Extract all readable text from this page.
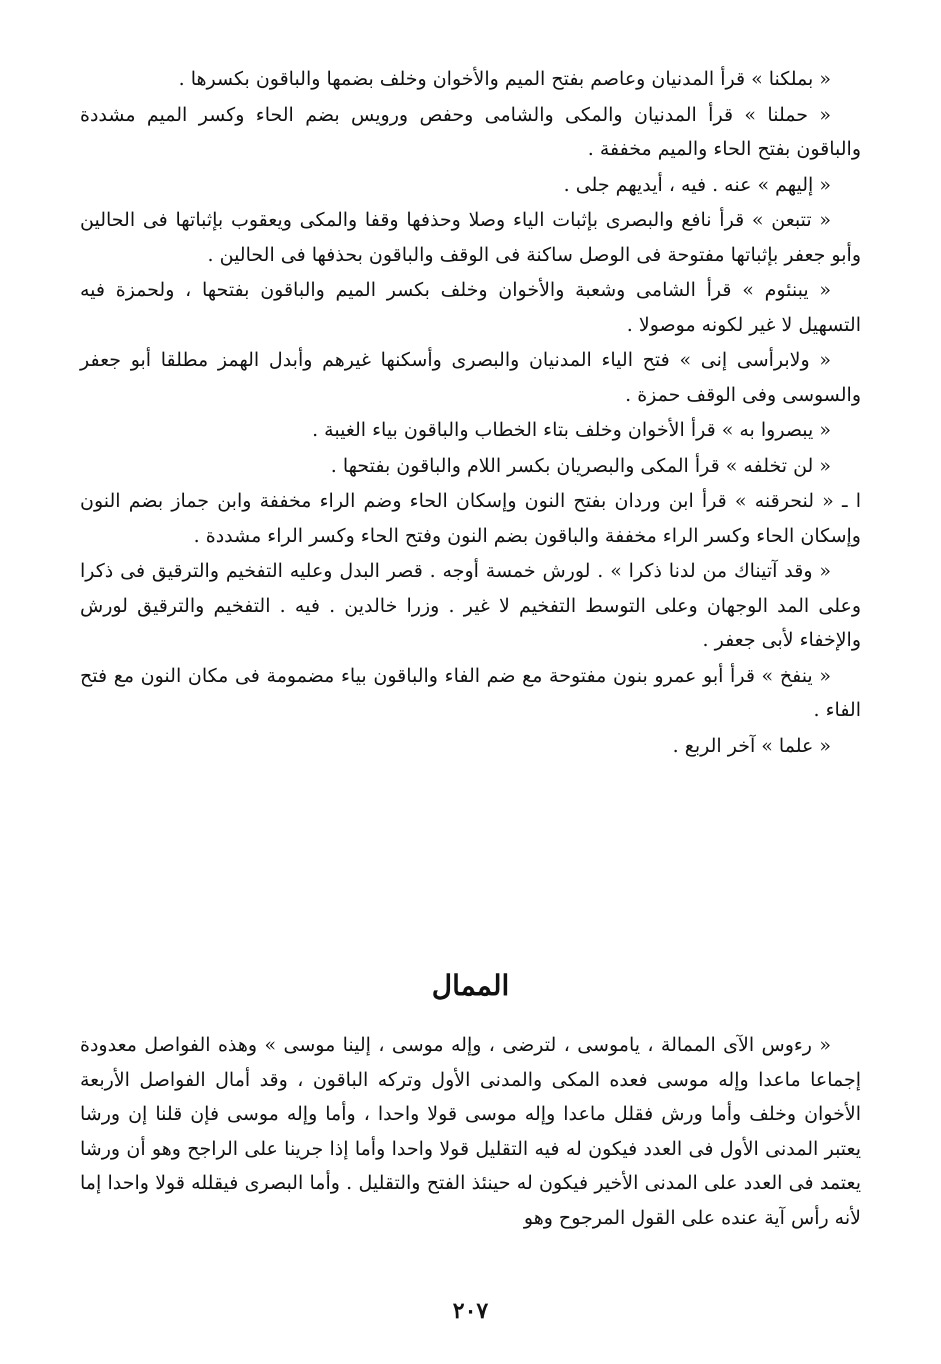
« بملكنا » قرأ المدنيان وعاصم بفتح الميم والأخوان وخلف بضمها والباقون بكسرها .

« حملنا » قرأ المدنيان والمكى والشامى وحفص ورويس بضم الحاء وكسر الميم مشددة والباقون بفتح الحاء والميم مخففة .

« إليهم » عنه . فيه ، أيديهم جلى .

« تتبعن » قرأ نافع والبصرى بإثبات الياء وصلا وحذفها وقفا والمكى ويعقوب بإثباتها فى الحالين وأبو جعفر بإثباتها مفتوحة فى الوصل ساكنة فى الوقف والباقون بحذفها فى الحالين .

« يبنئوم » قرأ الشامى وشعبة والأخوان وخلف بكسر الميم والباقون بفتحها ، ولحمزة فيه التسهيل لا غير لكونه موصولا .

« ولابرأسى إنى » فتح الياء المدنيان والبصرى وأسكنها غيرهم وأبدل الهمز مطلقا أبو جعفر والسوسى وفى الوقف حمزة .

« يبصروا به » قرأ الأخوان وخلف بتاء الخطاب والباقون بياء الغيبة .

« لن تخلفه » قرأ المكى والبصريان بكسر اللام والباقون بفتحها .

ا ـ « لنحرقنه » قرأ ابن وردان بفتح النون وإسكان الحاء وضم الراء مخففة وابن جماز بضم النون وإسكان الحاء وكسر الراء مخففة والباقون بضم النون وفتح الحاء وكسر الراء مشددة .

« وقد آتيناك من لدنا ذكرا » . لورش خمسة أوجه . قصر البدل وعليه التفخيم والترقيق فى ذكرا وعلى المد الوجهان وعلى التوسط التفخيم لا غير . وزرا خالدين . فيه . التفخيم والترقيق لورش والإخفاء لأبى جعفر .

« ينفخ » قرأ أبو عمرو بنون مفتوحة مع ضم الفاء والباقون بياء مضمومة فى مكان النون مع فتح الفاء .

« علما » آخر الربع .

الممال

« رءوس الآى الممالة ، ياموسى ، لترضى ، وإله موسى ، إلينا موسى » وهذه الفواصل معدودة إجماعا ماعدا وإله موسى فعده المكى والمدنى الأول وتركه الباقون ، وقد أمال الفواصل الأربعة الأخوان وخلف وأما ورش فقلل ماعدا وإله موسى قولا واحدا ، وأما وإله موسى فإن قلنا إن ورشا يعتبر المدنى الأول فى العدد فيكون له فيه التقليل قولا واحدا وأما إذا جرينا على الراجح وهو أن ورشا يعتمد فى العدد على المدنى الأخير فيكون له حينئذ الفتح والتقليل . وأما البصرى فيقلله قولا واحدا إما لأنه رأس آية عنده على القول المرجوح وهو

٢٠٧
